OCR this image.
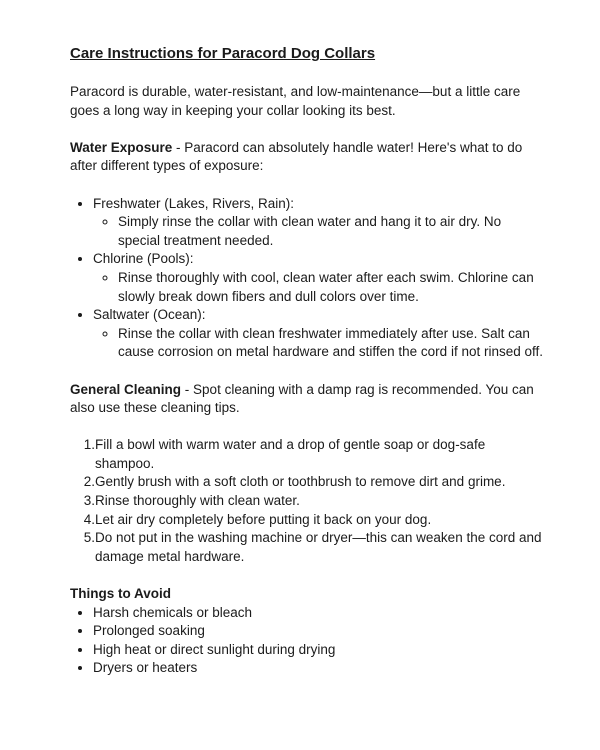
Care Instructions for Paracord Dog Collars

Paracord is durable, water-resistant, and low-maintenance—but a little care goes a long way in keeping your collar looking its best.

Water Exposure - Paracord can absolutely handle water! Here's what to do after different types of exposure:

• Freshwater (Lakes, Rivers, Rain):
◦ Simply rinse the collar with clean water and hang it to air dry. No special treatment needed.
• Chlorine (Pools):
◦ Rinse thoroughly with cool, clean water after each swim. Chlorine can slowly break down fibers and dull colors over time.
• Saltwater (Ocean):
◦ Rinse the collar with clean freshwater immediately after use. Salt can cause corrosion on metal hardware and stiffen the cord if not rinsed off.

General Cleaning - Spot cleaning with a damp rag is recommended. You can also use these cleaning tips.

Fill a bowl with warm water and a drop of gentle soap or dog-safe shampoo.
Gently brush with a soft cloth or toothbrush to remove dirt and grime.
Rinse thoroughly with clean water.
Let air dry completely before putting it back on your dog.
Do not put in the washing machine or dryer—this can weaken the cord and damage metal hardware.

Things to Avoid

• Harsh chemicals or bleach
• Prolonged soaking
• High heat or direct sunlight during drying
• Dryers or heaters
